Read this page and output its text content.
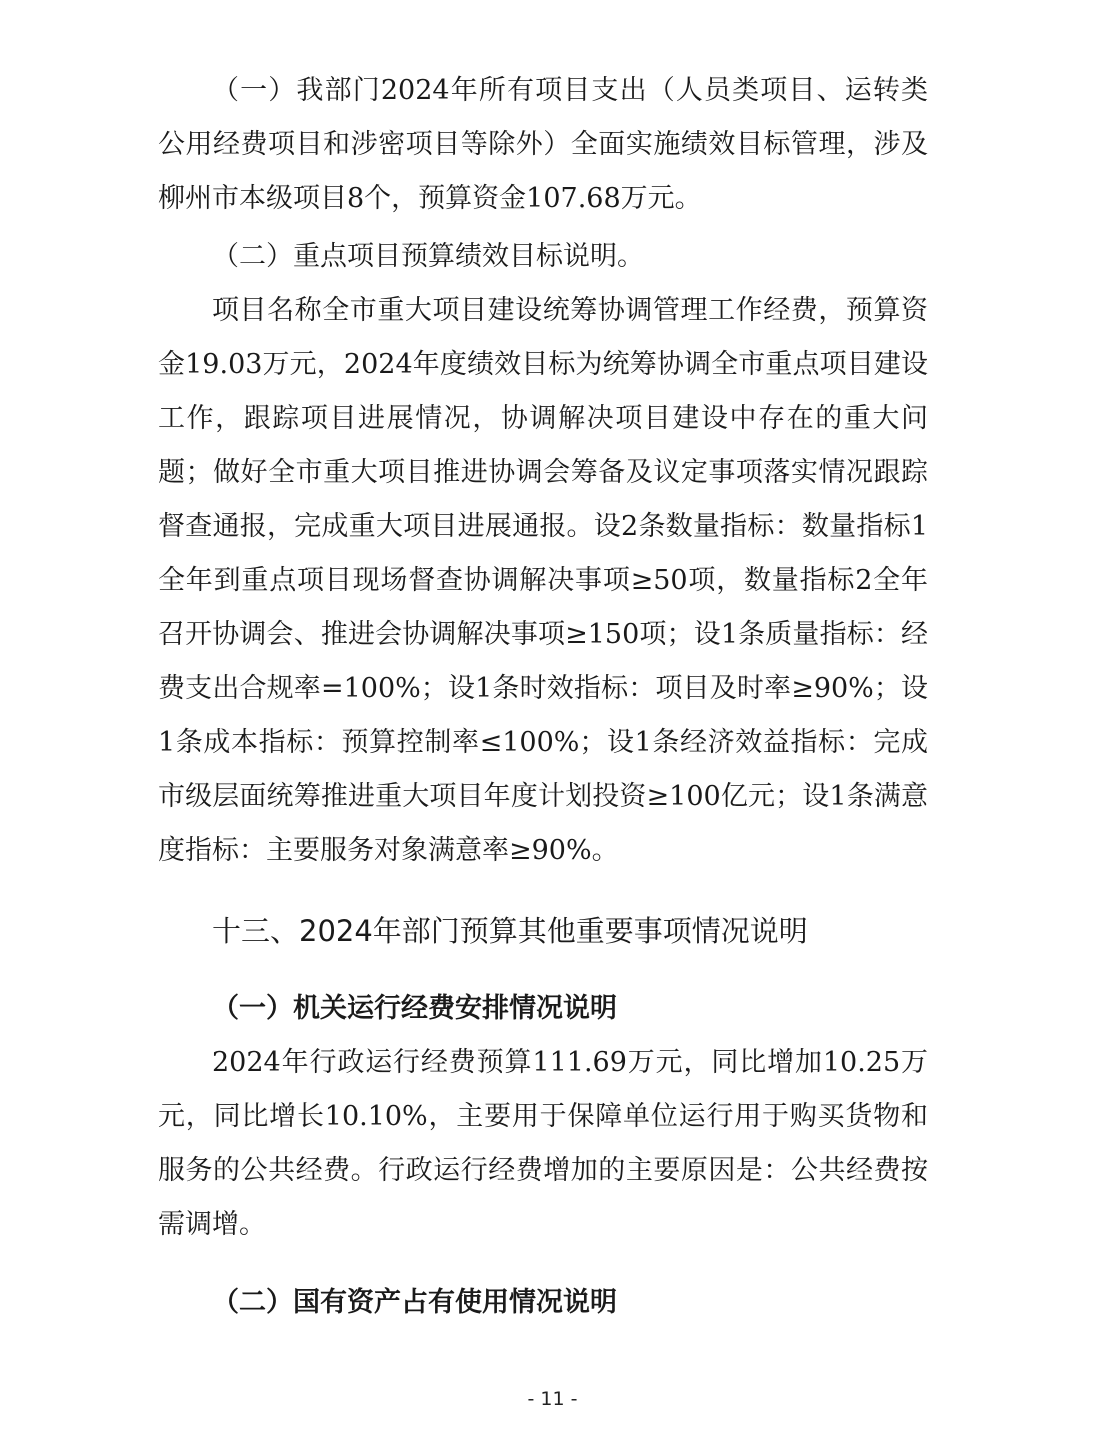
（一）我部门2024年所有项目支出（人员类项目、运转类公用经费项目和涉密项目等除外）全面实施绩效目标管理，涉及柳州市本级项目8个，预算资金107.68万元。

（二）重点项目预算绩效目标说明。

项目名称全市重大项目建设统筹协调管理工作经费，预算资金19.03万元，2024年度绩效目标为统筹协调全市重点项目建设工作，跟踪项目进展情况，协调解决项目建设中存在的重大问题；做好全市重大项目推进协调会筹备及议定事项落实情况跟踪督查通报，完成重大项目进展通报。设2条数量指标：数量指标1全年到重点项目现场督查协调解决事项≥50项，数量指标2全年召开协调会、推进会协调解决事项≥150项；设1条质量指标：经费支出合规率=100%；设1条时效指标：项目及时率≥90%；设1条成本指标：预算控制率≤100%；设1条经济效益指标：完成市级层面统筹推进重大项目年度计划投资≥100亿元；设1条满意度指标：主要服务对象满意率≥90%。

十三、2024年部门预算其他重要事项情况说明
（一）机关运行经费安排情况说明

2024年行政运行经费预算111.69万元，同比增加10.25万元，同比增长10.10%，主要用于保障单位运行用于购买货物和服务的公共经费。行政运行经费增加的主要原因是：公共经费按需调增。

（二）国有资产占有使用情况说明
- 11 -
